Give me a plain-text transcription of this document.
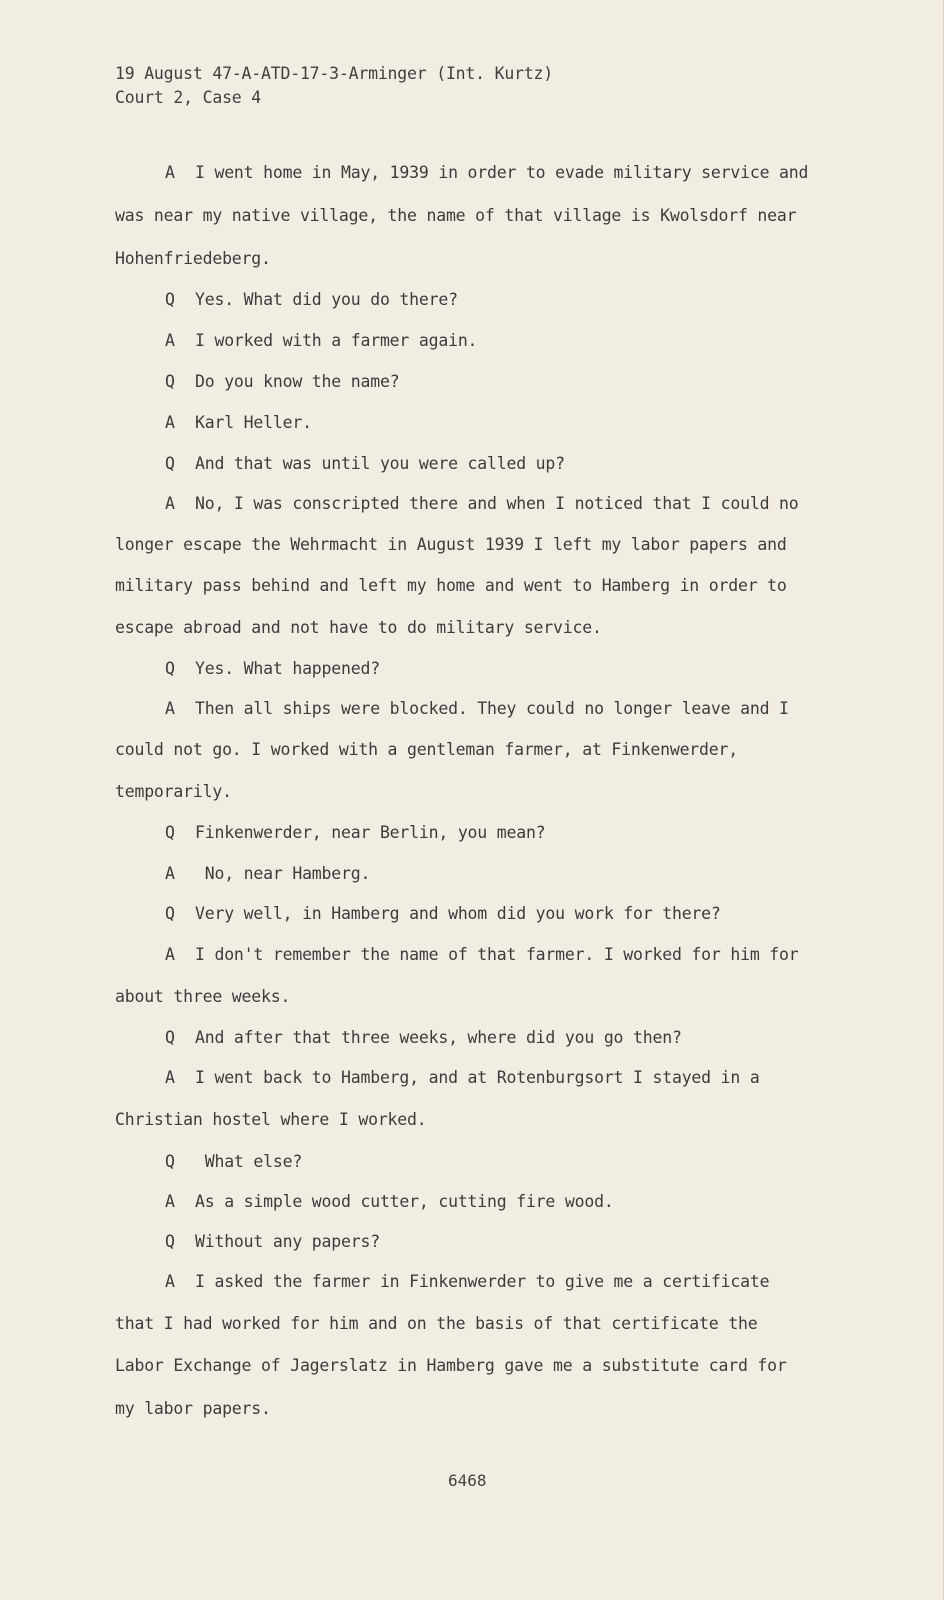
19 August 47-A-ATD-17-3-Arminger (Int. Kurtz)
Court 2, Case 4
A I went home in May, 1939 in order to evade military service and
was near my native village, the name of that village is Kwolsdorf near
Hohenfriedeberg.
Q Yes. What did you do there?
A I worked with a farmer again.
Q Do you know the name?
A Karl Heller.
Q And that was until you were called up?
A No, I was conscripted there and when I noticed that I could no
longer escape the Wehrmacht in August 1939 I left my labor papers and
military pass behind and left my home and went to Hamberg in order to
escape abroad and not have to do military service.
Q Yes. What happened?
A Then all ships were blocked. They could no longer leave and I
could not go. I worked with a gentleman farmer, at Finkenwerder,
temporarily.
Q Finkenwerder, near Berlin, you mean?
A No, near Hamberg.
Q Very well, in Hamberg and whom did you work for there?
A I don't remember the name of that farmer. I worked for him for
about three weeks.
Q And after that three weeks, where did you go then?
A I went back to Hamberg, and at Rotenburgsort I stayed in a
Christian hostel where I worked.
Q What else?
A As a simple wood cutter, cutting fire wood.
Q Without any papers?
A I asked the farmer in Finkenwerder to give me a certificate
that I had worked for him and on the basis of that certificate the
Labor Exchange of Jagerslatz in Hamberg gave me a substitute card for
my labor papers.
6468
